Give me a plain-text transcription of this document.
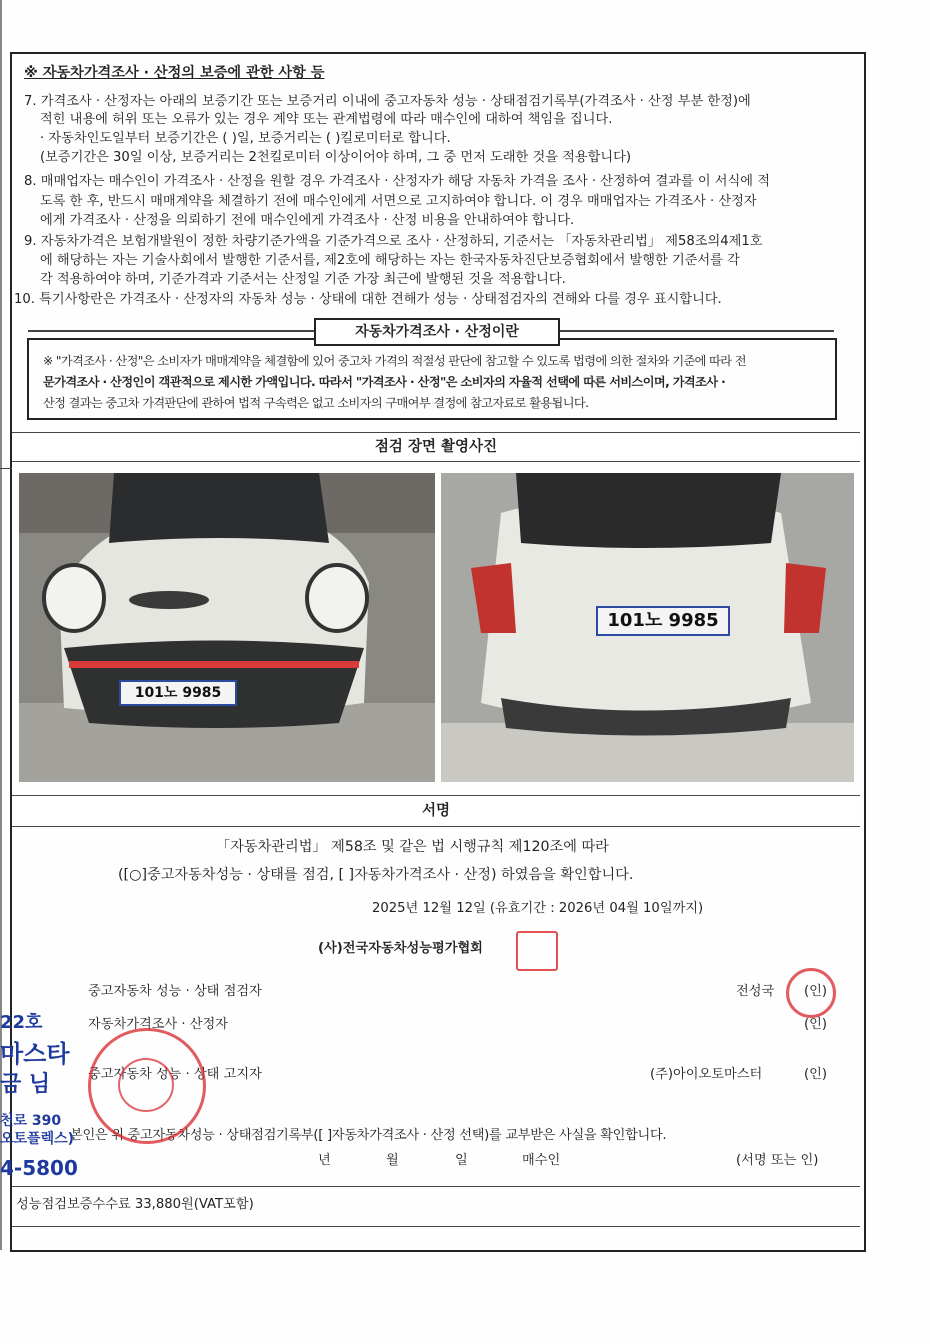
※ 자동차가격조사 · 산정의 보증에 관한 사항 등
7. 가격조사 · 산정자는 아래의 보증기간 또는 보증거리 이내에 중고자동차 성능 · 상태점검기록부(가격조사 · 산정 부분 한정)에
적힌 내용에 허위 또는 오류가 있는 경우 계약 또는 관계법령에 따라 매수인에 대하여 책임을 집니다.
· 자동차인도일부터 보증기간은 ( )일, 보증거리는 ( )킬로미터로 합니다.
(보증기간은 30일 이상, 보증거리는 2천킬로미터 이상이어야 하며, 그 중 먼저 도래한 것을 적용합니다)
8. 매매업자는 매수인이 가격조사 · 산정을 원할 경우 가격조사 · 산정자가 해당 자동차 가격을 조사 · 산정하여 결과를 이 서식에 적
도록 한 후, 반드시 매매계약을 체결하기 전에 매수인에게 서면으로 고지하여야 합니다. 이 경우 매매업자는 가격조사 · 산정자
에게 가격조사 · 산정을 의뢰하기 전에 매수인에게 가격조사 · 산정 비용을 안내하여야 합니다.
9. 자동차가격은 보험개발원이 정한 차량기준가액을 기준가격으로 조사 · 산정하되, 기준서는 「자동차관리법」 제58조의4제1호
에 해당하는 자는 기술사회에서 발행한 기준서를, 제2호에 해당하는 자는 한국자동차진단보증협회에서 발행한 기준서를 각
각 적용하여야 하며, 기준가격과 기준서는 산정일 기준 가장 최근에 발행된 것을 적용합니다.
10. 특기사항란은 가격조사 · 산정자의 자동차 성능 · 상태에 대한 견해가 성능 · 상태점검자의 견해와 다를 경우 표시합니다.
※ "가격조사 · 산정"은 소비자가 매매계약을 체결함에 있어 중고차 가격의 적절성 판단에 참고할 수 있도록 법령에 의한 절차와 기준에 따라 전
문가격조사 · 산정인이 객관적으로 제시한 가액입니다. 따라서 "가격조사 · 산정"은 소비자의 자율적 선택에 따른 서비스이며, 가격조사 ·
산정 결과는 중고차 가격판단에 관하여 법적 구속력은 없고 소비자의 구매여부 결정에 참고자료로 활용됩니다.
자동차가격조사 · 산정이란
점검 장면 촬영사진
101노 9985
101노 9985
서명
「자동차관리법」 제58조 및 같은 법 시행규칙 제120조에 따라
([○]중고자동차성능 · 상태를 점검, [ ]자동차가격조사 · 산정) 하였음을 확인합니다.
2025년 12월 12일 (유효기간 : 2026년 04월 10일까지)
(사)전국자동차성능평가협회
중고자동차 성능 · 상태 점검자	전성국 (인)
자동차가격조사 · 산정자	(인)
중고자동차 성능 · 상태 고지자	(주)아이오토마스터	(인)
본인은 위 중고자동차성능 · 상태점검기록부([ ]자동차가격조사 · 산정 선택)를 교부받은 사실을 확인합니다.
년	월	일	매수인	(서명 또는 인)
성능점검보증수수료 33,880원(VAT포함)
22호
마스타
금 님
천로 390
오토플렉스)
4-5800
